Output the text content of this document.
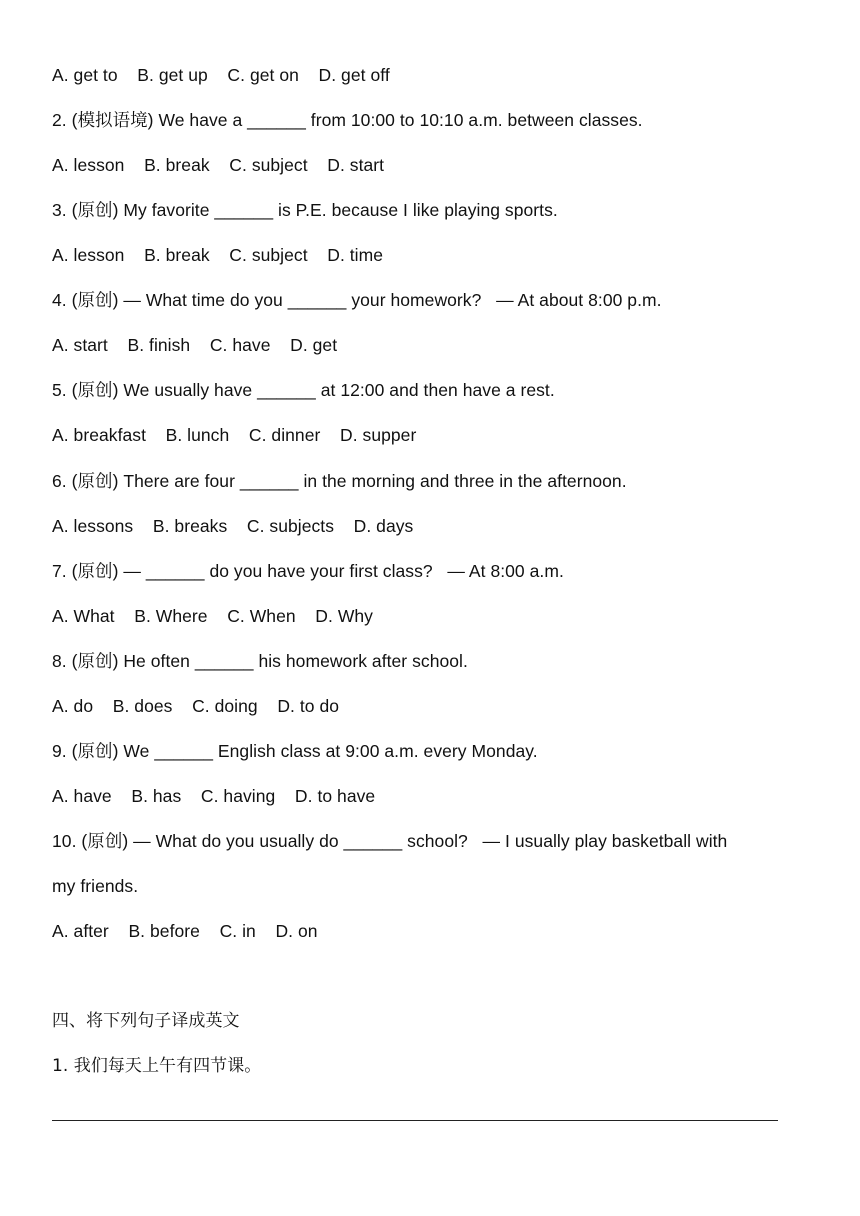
A. get to    B. get up    C. get on    D. get off
2. (模拟语境) We have a ______ from 10:00 to 10:10 a.m. between classes.
A. lesson    B. break    C. subject    D. start
3. (原创) My favorite ______ is P.E. because I like playing sports.
A. lesson    B. break    C. subject    D. time
4. (原创) — What time do you ______ your homework?   — At about 8:00 p.m.
A. start    B. finish    C. have    D. get
5. (原创) We usually have ______ at 12:00 and then have a rest.
A. breakfast    B. lunch    C. dinner    D. supper
6. (原创) There are four ______ in the morning and three in the afternoon.
A. lessons    B. breaks    C. subjects    D. days
7. (原创) — ______ do you have your first class?   — At 8:00 a.m.
A. What    B. Where    C. When    D. Why
8. (原创) He often ______ his homework after school.
A. do    B. does    C. doing    D. to do
9. (原创) We ______ English class at 9:00 a.m. every Monday.
A. have    B. has    C. having    D. to have
10. (原创) — What do you usually do ______ school?   — I usually play basketball with
my friends.
A. after    B. before    C. in    D. on
四、将下列句子译成英文
1. 我们每天上午有四节课。
